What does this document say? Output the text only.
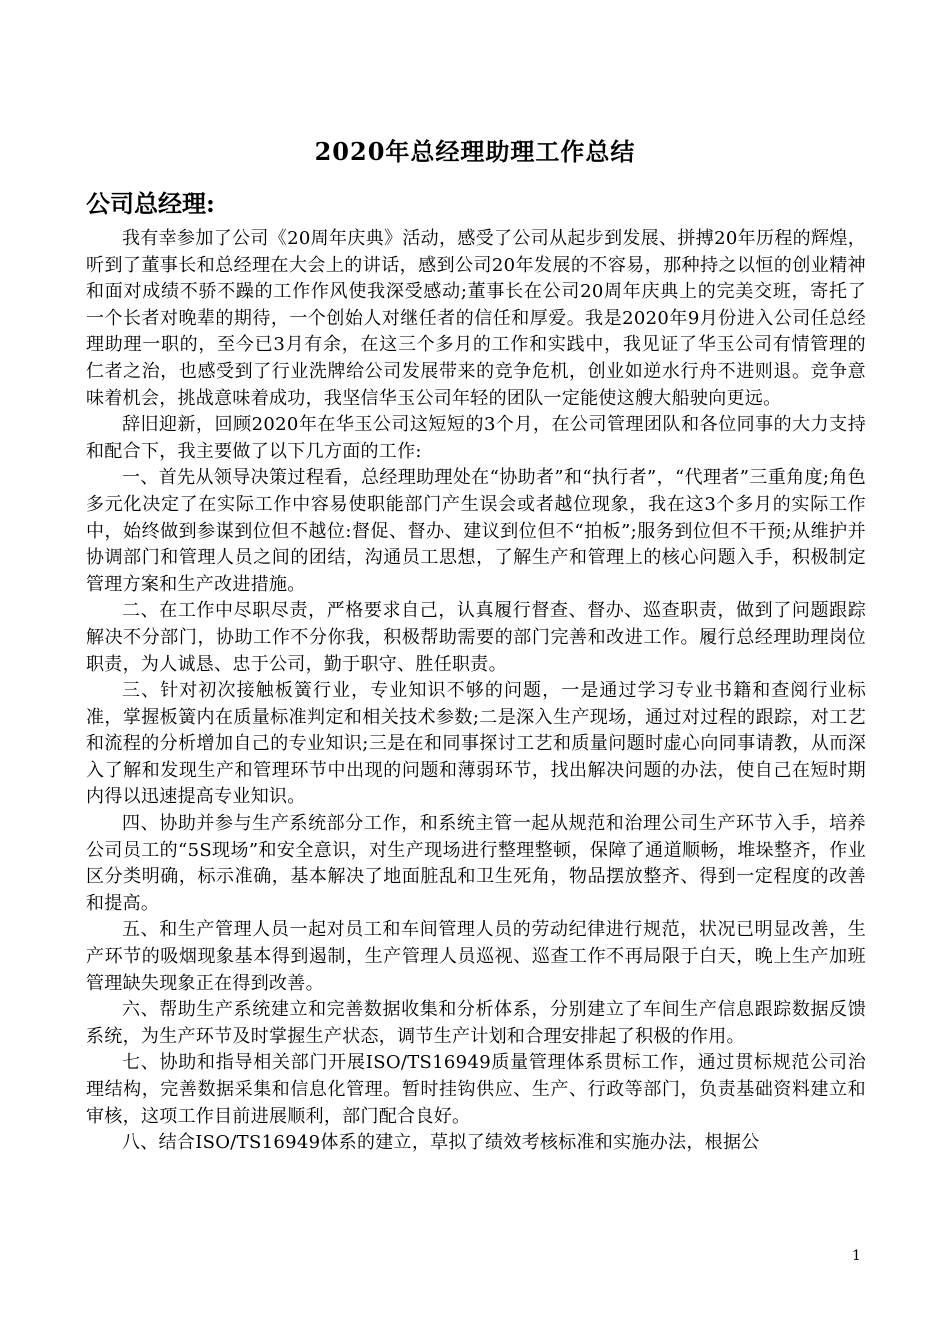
2020年总经理助理工作总结
公司总经理:

我有幸参加了公司《20周年庆典》活动，感受了公司从起步到发展、拼搏20年历程的辉煌，听到了董事长和总经理在大会上的讲话，感到公司20年发展的不容易，那种持之以恒的创业精神和面对成绩不骄不躁的工作作风使我深受感动;董事长在公司20周年庆典上的完美交班，寄托了一个长者对晚辈的期待，一个创始人对继任者的信任和厚爱。我是2020年9月份进入公司任总经理助理一职的，至今已3月有余，在这三个多月的工作和实践中，我见证了华玉公司有情管理的仁者之治，也感受到了行业洗牌给公司发展带来的竞争危机，创业如逆水行舟不进则退。竞争意味着机会，挑战意味着成功，我坚信华玉公司年轻的团队一定能使这艘大船驶向更远。

辞旧迎新，回顾2020年在华玉公司这短短的3个月，在公司管理团队和各位同事的大力支持和配合下，我主要做了以下几方面的工作:

一、首先从领导决策过程看，总经理助理处在“协助者”和“执行者”，“代理者”三重角度;角色多元化决定了在实际工作中容易使职能部门产生误会或者越位现象，我在这3个多月的实际工作中，始终做到参谋到位但不越位:督促、督办、建议到位但不“拍板”;服务到位但不干预;从维护并协调部门和管理人员之间的团结，沟通员工思想，了解生产和管理上的核心问题入手，积极制定管理方案和生产改进措施。

二、在工作中尽职尽责，严格要求自己，认真履行督查、督办、巡查职责，做到了问题跟踪解决不分部门，协助工作不分你我，积极帮助需要的部门完善和改进工作。履行总经理助理岗位职责，为人诚恳、忠于公司，勤于职守、胜任职责。

三、针对初次接触板簧行业，专业知识不够的问题，一是通过学习专业书籍和查阅行业标准，掌握板簧内在质量标准判定和相关技术参数;二是深入生产现场，通过对过程的跟踪，对工艺和流程的分析增加自己的专业知识;三是在和同事探讨工艺和质量问题时虚心向同事请教，从而深入了解和发现生产和管理环节中出现的问题和薄弱环节，找出解决问题的办法，使自己在短时期内得以迅速提高专业知识。

四、协助并参与生产系统部分工作，和系统主管一起从规范和治理公司生产环节入手，培养公司员工的“5S现场”和安全意识，对生产现场进行整理整顿，保障了通道顺畅，堆垛整齐，作业区分类明确，标示准确，基本解决了地面脏乱和卫生死角，物品摆放整齐、得到一定程度的改善和提高。

五、和生产管理人员一起对员工和车间管理人员的劳动纪律进行规范，状况已明显改善，生产环节的吸烟现象基本得到遏制，生产管理人员巡视、巡查工作不再局限于白天，晚上生产加班管理缺失现象正在得到改善。

六、帮助生产系统建立和完善数据收集和分析体系，分别建立了车间生产信息跟踪数据反馈系统，为生产环节及时掌握生产状态，调节生产计划和合理安排起了积极的作用。

七、协助和指导相关部门开展ISO/TS16949质量管理体系贯标工作，通过贯标规范公司治理结构，完善数据采集和信息化管理。暂时挂钩供应、生产、行政等部门，负责基础资料建立和审核，这项工作目前进展顺利，部门配合良好。

八、结合ISO/TS16949体系的建立，草拟了绩效考核标准和实施办法，根据公

1
